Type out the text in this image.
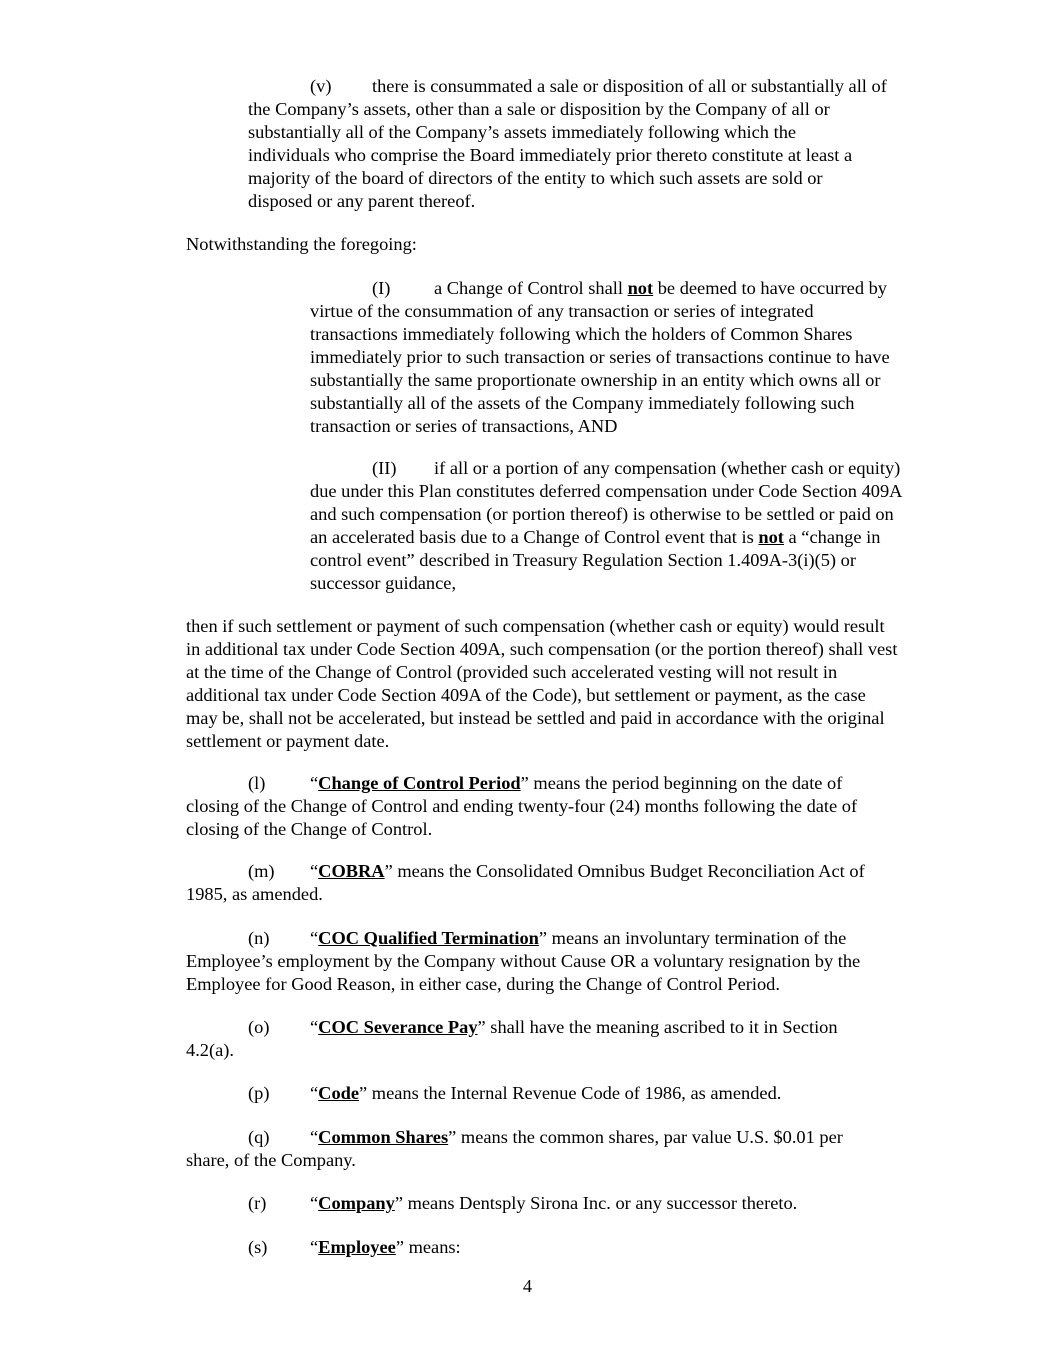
(v)	there is consummated a sale or disposition of all or substantially all of
the Company’s assets, other than a sale or disposition by the Company of all or
substantially all of the Company’s assets immediately following which the
individuals who comprise the Board immediately prior thereto constitute at least a
majority of the board of directors of the entity to which such assets are sold or
disposed or any parent thereof.
Notwithstanding the foregoing:
(I)	a Change of Control shall not be deemed to have occurred by
virtue of the consummation of any transaction or series of integrated
transactions immediately following which the holders of Common Shares
immediately prior to such transaction or series of transactions continue to have
substantially the same proportionate ownership in an entity which owns all or
substantially all of the assets of the Company immediately following such
transaction or series of transactions, AND
(II)	if all or a portion of any compensation (whether cash or equity)
due under this Plan constitutes deferred compensation under Code Section 409A
and such compensation (or portion thereof) is otherwise to be settled or paid on
an accelerated basis due to a Change of Control event that is not a “change in
control event” described in Treasury Regulation Section 1.409A-3(i)(5) or
successor guidance,
then if such settlement or payment of such compensation (whether cash or equity) would result
in additional tax under Code Section 409A, such compensation (or the portion thereof) shall vest
at the time of the Change of Control (provided such accelerated vesting will not result in
additional tax under Code Section 409A of the Code), but settlement or payment, as the case
may be, shall not be accelerated, but instead be settled and paid in accordance with the original
settlement or payment date.
(l)	“Change of Control Period” means the period beginning on the date of
closing of the Change of Control and ending twenty-four (24) months following the date of
closing of the Change of Control.
(m)	“COBRA” means the Consolidated Omnibus Budget Reconciliation Act of
1985, as amended.
(n)	“COC Qualified Termination” means an involuntary termination of the
Employee’s employment by the Company without Cause OR a voluntary resignation by the
Employee for Good Reason, in either case, during the Change of Control Period.
(o)	“COC Severance Pay” shall have the meaning ascribed to it in Section
4.2(a).
(p)	“Code” means the Internal Revenue Code of 1986, as amended.
(q)	“Common Shares” means the common shares, par value U.S. $0.01 per
share, of the Company.
(r)	“Company” means Dentsply Sirona Inc. or any successor thereto.
(s)	“Employee” means:
4
